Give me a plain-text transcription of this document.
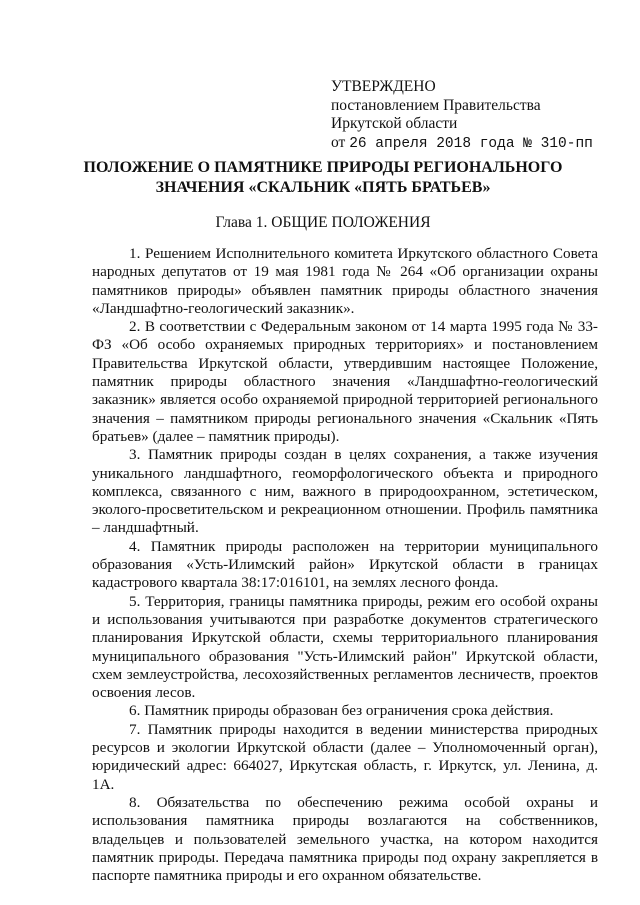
УТВЕРЖДЕНО
постановлением Правительства
Иркутской области
от 26 апреля 2018 года № 310-пп
ПОЛОЖЕНИЕ О ПАМЯТНИКЕ ПРИРОДЫ РЕГИОНАЛЬНОГО
ЗНАЧЕНИЯ «СКАЛЬНИК «ПЯТЬ БРАТЬЕВ»
Глава 1. ОБЩИЕ ПОЛОЖЕНИЯ

1. Решением Исполнительного комитета Иркутского областного Совета народных депутатов от 19 мая 1981 года № 264 «Об организации охраны памятников природы» объявлен памятник природы областного значения «Ландшафтно-геологический заказник».

2. В соответствии с Федеральным законом от 14 марта 1995 года № 33-ФЗ «Об особо охраняемых природных территориях» и постановлением Правительства Иркутской области, утвердившим настоящее Положение, памятник природы областного значения «Ландшафтно-геологический заказник» является особо охраняемой природной территорией регионального значения – памятником природы регионального значения «Скальник «Пять братьев» (далее – памятник природы).

3. Памятник природы создан в целях сохранения, а также изучения уникального ландшафтного, геоморфологического объекта и природного комплекса, связанного с ним, важного в природоохранном, эстетическом, эколого-просветительском и рекреационном отношении. Профиль памятника – ландшафтный.

4. Памятник природы расположен на территории муниципального образования «Усть-Илимский район» Иркутской области в границах кадастрового квартала 38:17:016101, на землях лесного фонда.

5. Территория, границы памятника природы, режим его особой охраны и использования учитываются при разработке документов стратегического планирования Иркутской области, схемы территориального планирования муниципального образования "Усть-Илимский район" Иркутской области, схем землеустройства, лесохозяйственных регламентов лесничеств, проектов освоения лесов.

6. Памятник природы образован без ограничения срока действия.

7. Памятник природы находится в ведении министерства природных ресурсов и экологии Иркутской области (далее – Уполномоченный орган), юридический адрес: 664027, Иркутская область, г. Иркутск, ул. Ленина, д. 1А.

8. Обязательства по обеспечению режима особой охраны и использования памятника природы возлагаются на собственников, владельцев и пользователей земельного участка, на котором находится памятник природы. Передача памятника природы под охрану закрепляется в паспорте памятника природы и его охранном обязательстве.
